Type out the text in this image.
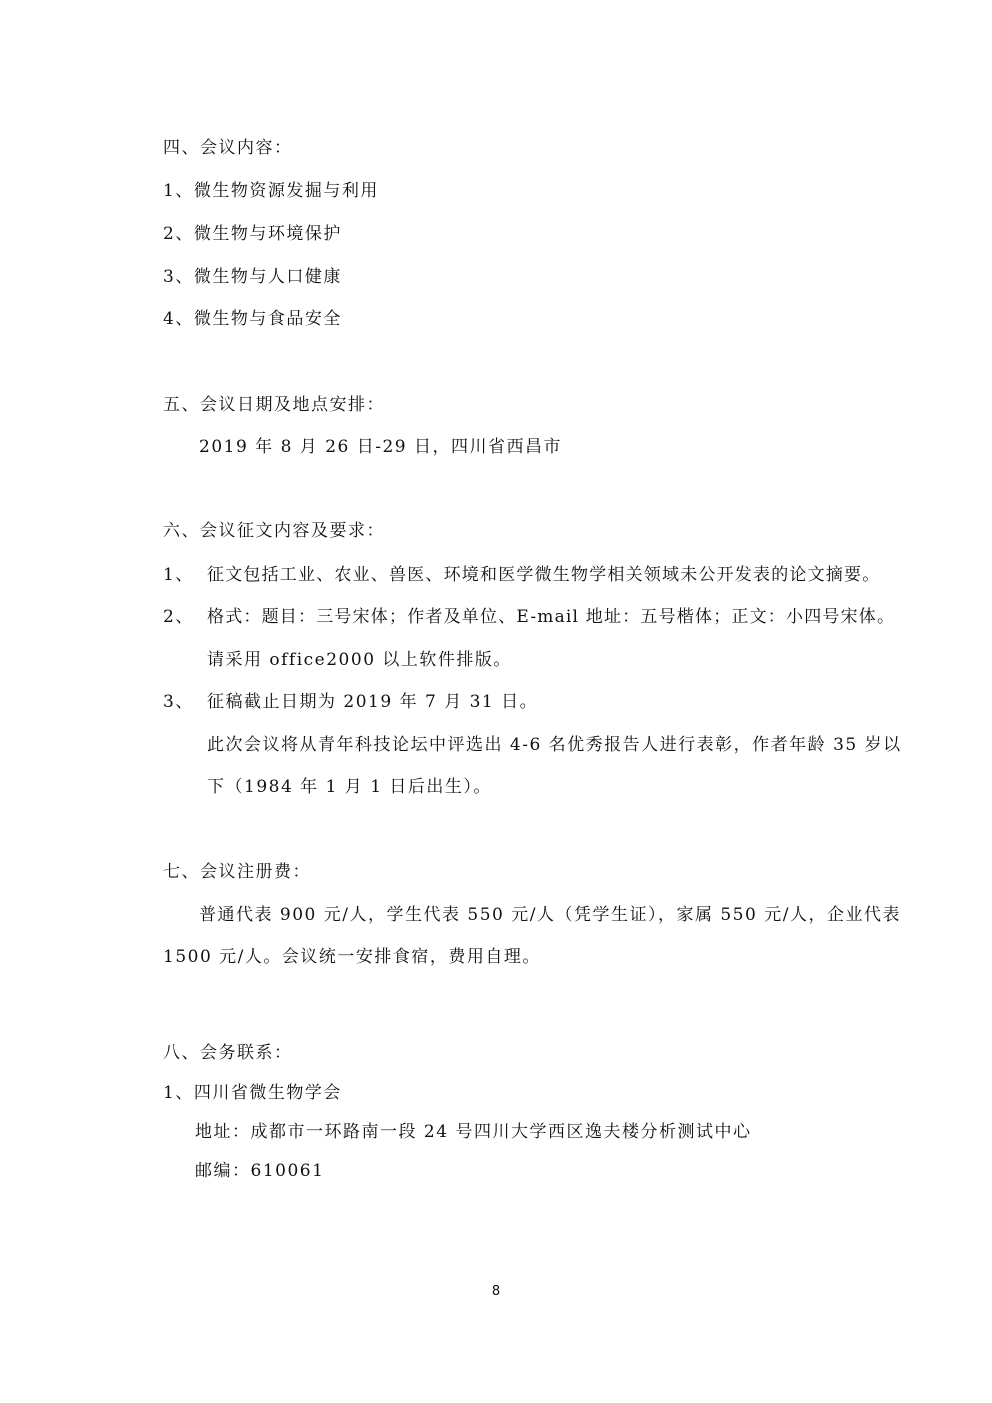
四、会议内容：
1、微生物资源发掘与利用
2、微生物与环境保护
3、微生物与人口健康
4、微生物与食品安全
五、会议日期及地点安排：
2019 年 8 月 26 日-29 日，四川省西昌市
六、会议征文内容及要求：
1、 征文包括工业、农业、兽医、环境和医学微生物学相关领域未公开发表的论文摘要。
2、 格式：题目：三号宋体；作者及单位、E-mail 地址：五号楷体；正文：小四号宋体。
请采用 office2000 以上软件排版。
3、 征稿截止日期为 2019 年 7 月 31 日。
此次会议将从青年科技论坛中评选出 4-6 名优秀报告人进行表彰，作者年龄 35 岁以
下（1984 年 1 月 1 日后出生）。
七、会议注册费：
普通代表 900 元/人，学生代表 550 元/人（凭学生证），家属 550 元/人，企业代表
1500 元/人。会议统一安排食宿，费用自理。
八、会务联系：
1、四川省微生物学会
地址：成都市一环路南一段 24 号四川大学西区逸夫楼分析测试中心
邮编：610061
8
